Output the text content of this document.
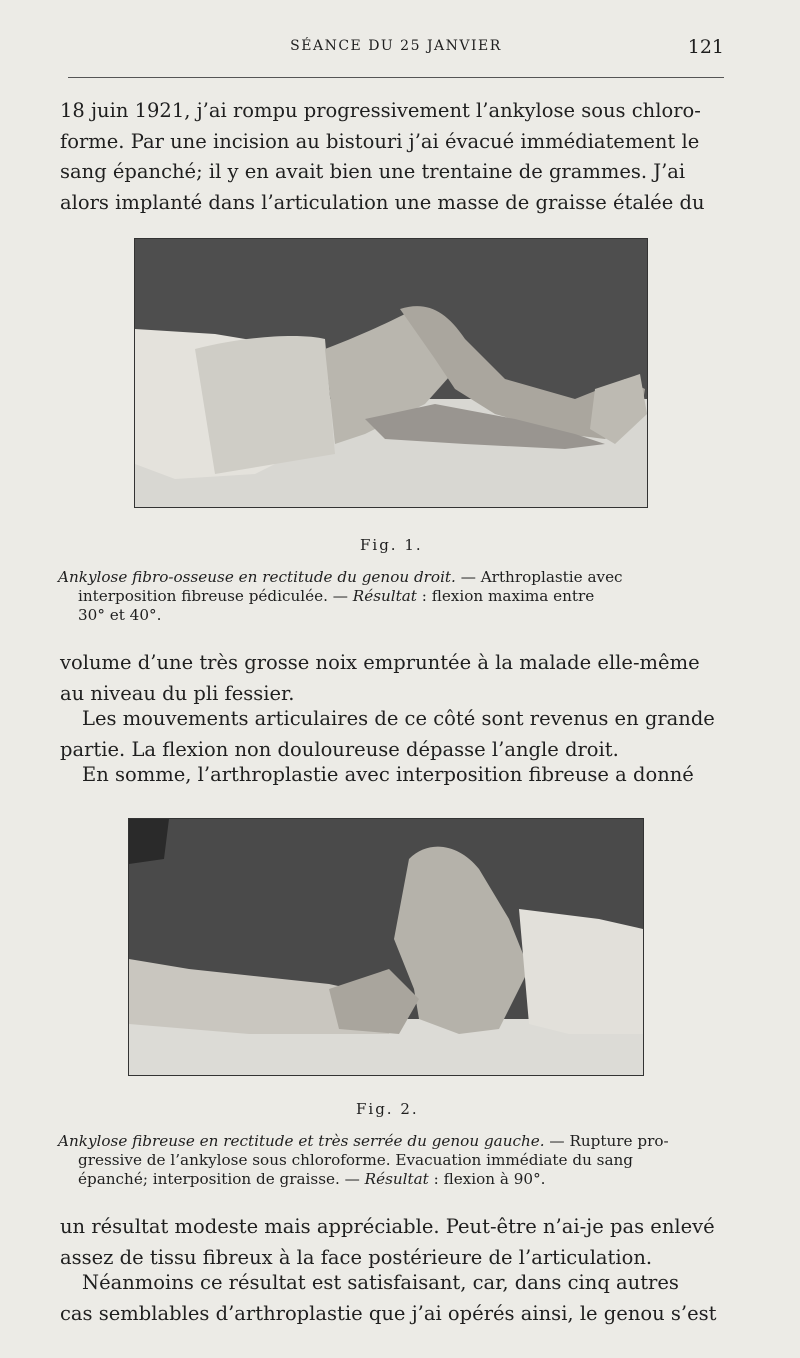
SÉANCE DU 25 JANVIER	121
18 juin 1921, j’ai rompu progressivement l’ankylose sous chloro-
forme. Par une incision au bistouri j’ai évacué immédiatement le
sang épanché; il y en avait bien une trentaine de grammes. J’ai
alors implanté dans l’articulation une masse de graisse étalée du
Fig. 1.
Ankylose fibro-osseuse en rectitude du genou droit. — Arthroplastie avec
interposition fibreuse pédiculée. — Résultat : flexion maxima entre
30° et 40°.
volume d’une très grosse noix empruntée à la malade elle-même
au niveau du pli fessier.
Les mouvements articulaires de ce côté sont revenus en grande
partie. La flexion non douloureuse dépasse l’angle droit.
En somme, l’arthroplastie avec interposition fibreuse a donné
Fig. 2.
Ankylose fibreuse en rectitude et très serrée du genou gauche. — Rupture pro-
gressive de l’ankylose sous chloroforme. Evacuation immédiate du sang
épanché; interposition de graisse. — Résultat : flexion à 90°.
un résultat modeste mais appréciable. Peut-être n’ai-je pas enlevé
assez de tissu fibreux à la face postérieure de l’articulation.
Néanmoins ce résultat est satisfaisant, car, dans cinq autres
cas semblables d’arthroplastie que j’ai opérés ainsi, le genou s’est
